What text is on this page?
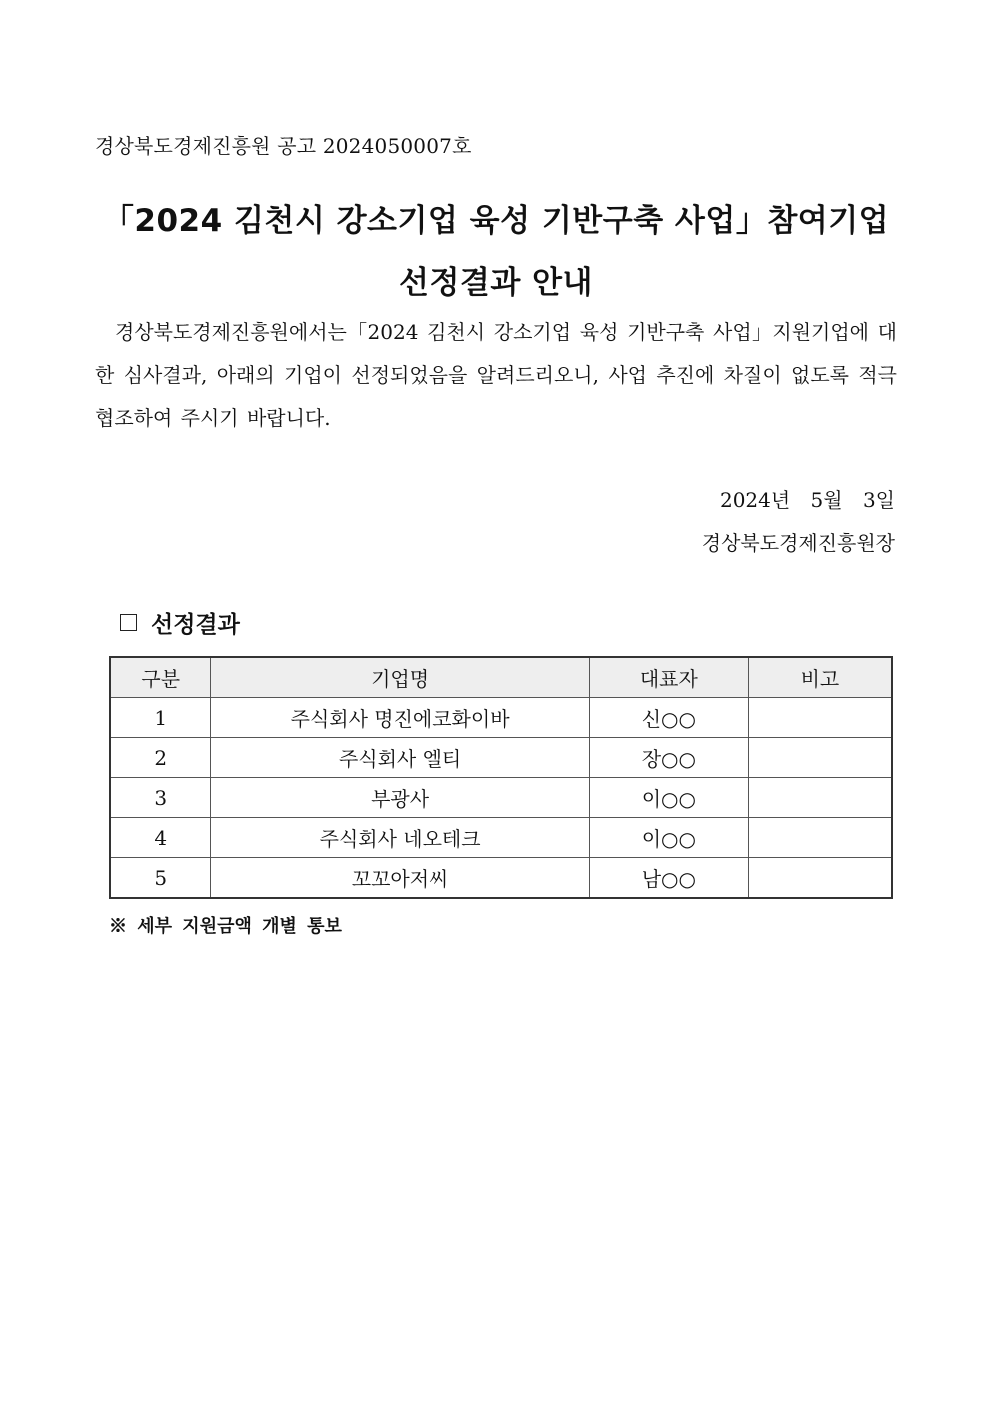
경상북도경제진흥원 공고 2024050007호
「2024 김천시 강소기업 육성 기반구축 사업」참여기업
선정결과 안내
경상북도경제진흥원에서는「2024 김천시 강소기업 육성 기반구축 사업」지원기업에 대한 심사결과, 아래의 기업이 선정되었음을 알려드리오니, 사업 추진에 차질이 없도록 적극 협조하여 주시기 바랍니다.
2024년 5월 3일
경상북도경제진흥원장
선정결과
구분	기업명	대표자	비고
1	주식회사 명진에코화이바	신○○	
2	주식회사 엘티	장○○	
3	부광사	이○○	
4	주식회사 네오테크	이○○	
5	꼬꼬아저씨	남○○	
※ 세부 지원금액 개별 통보
